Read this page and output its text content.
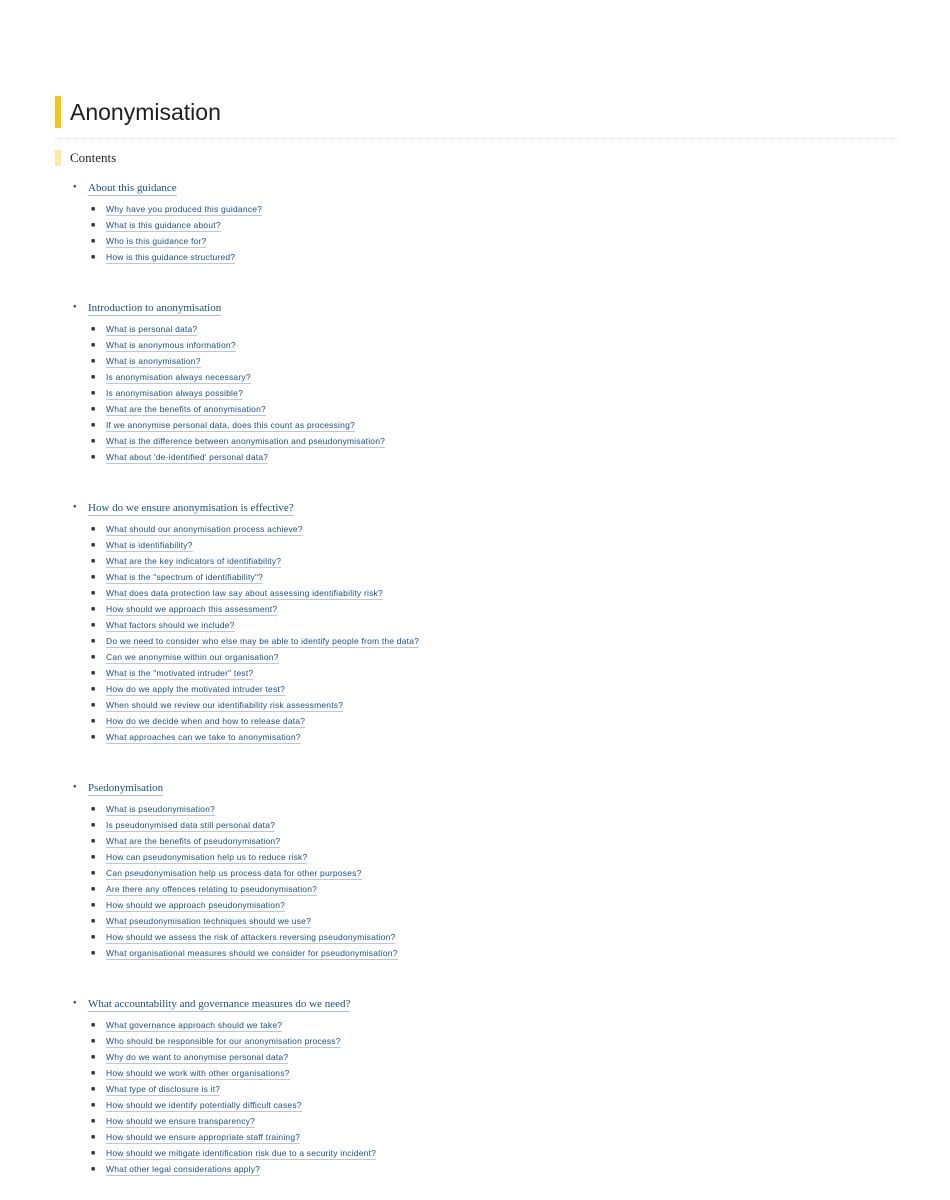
Anonymisation
Contents
• About this guidance
■ Why have you produced this guidance?
■ What is this guidance about?
■ Who is this guidance for?
■ How is this guidance structured?
• Introduction to anonymisation
■ What is personal data?
■ What is anonymous information?
■ What is anonymisation?
■ Is anonymisation always necessary?
■ Is anonymisation always possible?
■ What are the benefits of anonymisation?
■ If we anonymise personal data, does this count as processing?
■ What is the difference between anonymisation and pseudonymisation?
■ What about 'de-identified' personal data?
• How do we ensure anonymisation is effective?
■ What should our anonymisation process achieve?
■ What is identifiability?
■ What are the key indicators of identifiability?
■ What is the "spectrum of identifiability"?
■ What does data protection law say about assessing identifiability risk?
■ How should we approach this assessment?
■ What factors should we include?
■ Do we need to consider who else may be able to identify people from the data?
■ Can we anonymise within our organisation?
■ What is the "motivated intruder" test?
■ How do we apply the motivated intruder test?
■ When should we review our identifiability risk assessments?
■ How do we decide when and how to release data?
■ What approaches can we take to anonymisation?
• Psedonymisation
■ What is pseudonymisation?
■ Is pseudonymised data still personal data?
■ What are the benefits of pseudonymisation?
■ How can pseudonymisation help us to reduce risk?
■ Can pseudonymisation help us process data for other purposes?
■ Are there any offences relating to pseudonymisation?
■ How should we approach pseudonymisation?
■ What pseudonymisation techniques should we use?
■ How should we assess the risk of attackers reversing pseudonymisation?
■ What organisational measures should we consider for pseudonymisation?
• What accountability and governance measures do we need?
■ What governance approach should we take?
■ Who should be responsible for our anonymisation process?
■ Why do we want to anonymise personal data?
■ How should we work with other organisations?
■ What type of disclosure is it?
■ How should we identify potentially difficult cases?
■ How should we ensure transparency?
■ How should we ensure appropriate staff training?
■ How should we mitigate identification risk due to a security incident?
■ What other legal considerations apply?
